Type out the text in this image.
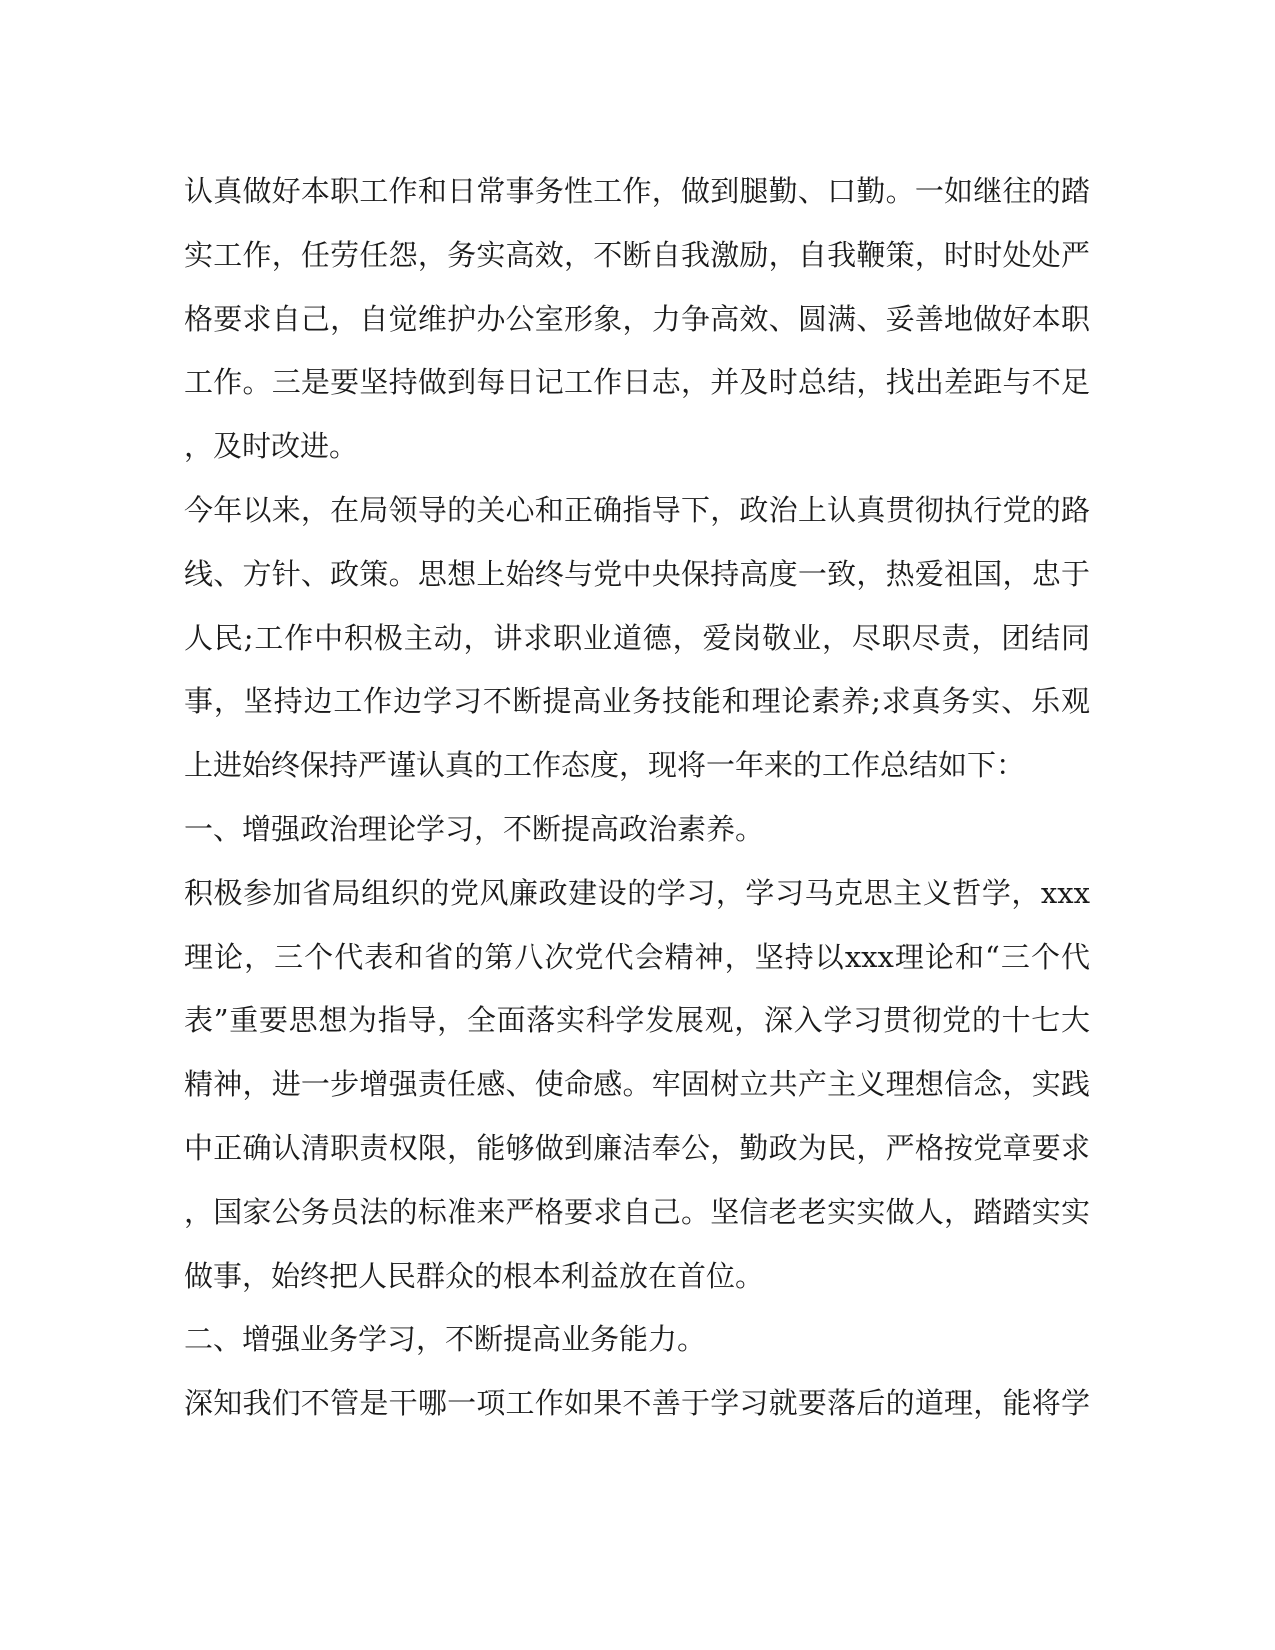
认真做好本职工作和日常事务性工作，做到腿勤、口勤。一如继往的踏
实工作，任劳任怨，务实高效，不断自我激励，自我鞭策，时时处处严
格要求自己，自觉维护办公室形象，力争高效、圆满、妥善地做好本职
工作。三是要坚持做到每日记工作日志，并及时总结，找出差距与不足
，及时改进。
今年以来，在局领导的关心和正确指导下，政治上认真贯彻执行党的路
线、方针、政策。思想上始终与党中央保持高度一致，热爱祖国，忠于
人民;工作中积极主动，讲求职业道德，爱岗敬业，尽职尽责，团结同
事，坚持边工作边学习不断提高业务技能和理论素养;求真务实、乐观
上进始终保持严谨认真的工作态度，现将一年来的工作总结如下：
一、增强政治理论学习，不断提高政治素养。
积极参加省局组织的党风廉政建设的学习，学习马克思主义哲学，xxx
理论，三个代表和省的第八次党代会精神，坚持以xxx理论和“三个代
表”重要思想为指导，全面落实科学发展观，深入学习贯彻党的十七大
精神，进一步增强责任感、使命感。牢固树立共产主义理想信念，实践
中正确认清职责权限，能够做到廉洁奉公，勤政为民，严格按党章要求
，国家公务员法的标准来严格要求自己。坚信老老实实做人，踏踏实实
做事，始终把人民群众的根本利益放在首位。
二、增强业务学习，不断提高业务能力。
深知我们不管是干哪一项工作如果不善于学习就要落后的道理，能将学
